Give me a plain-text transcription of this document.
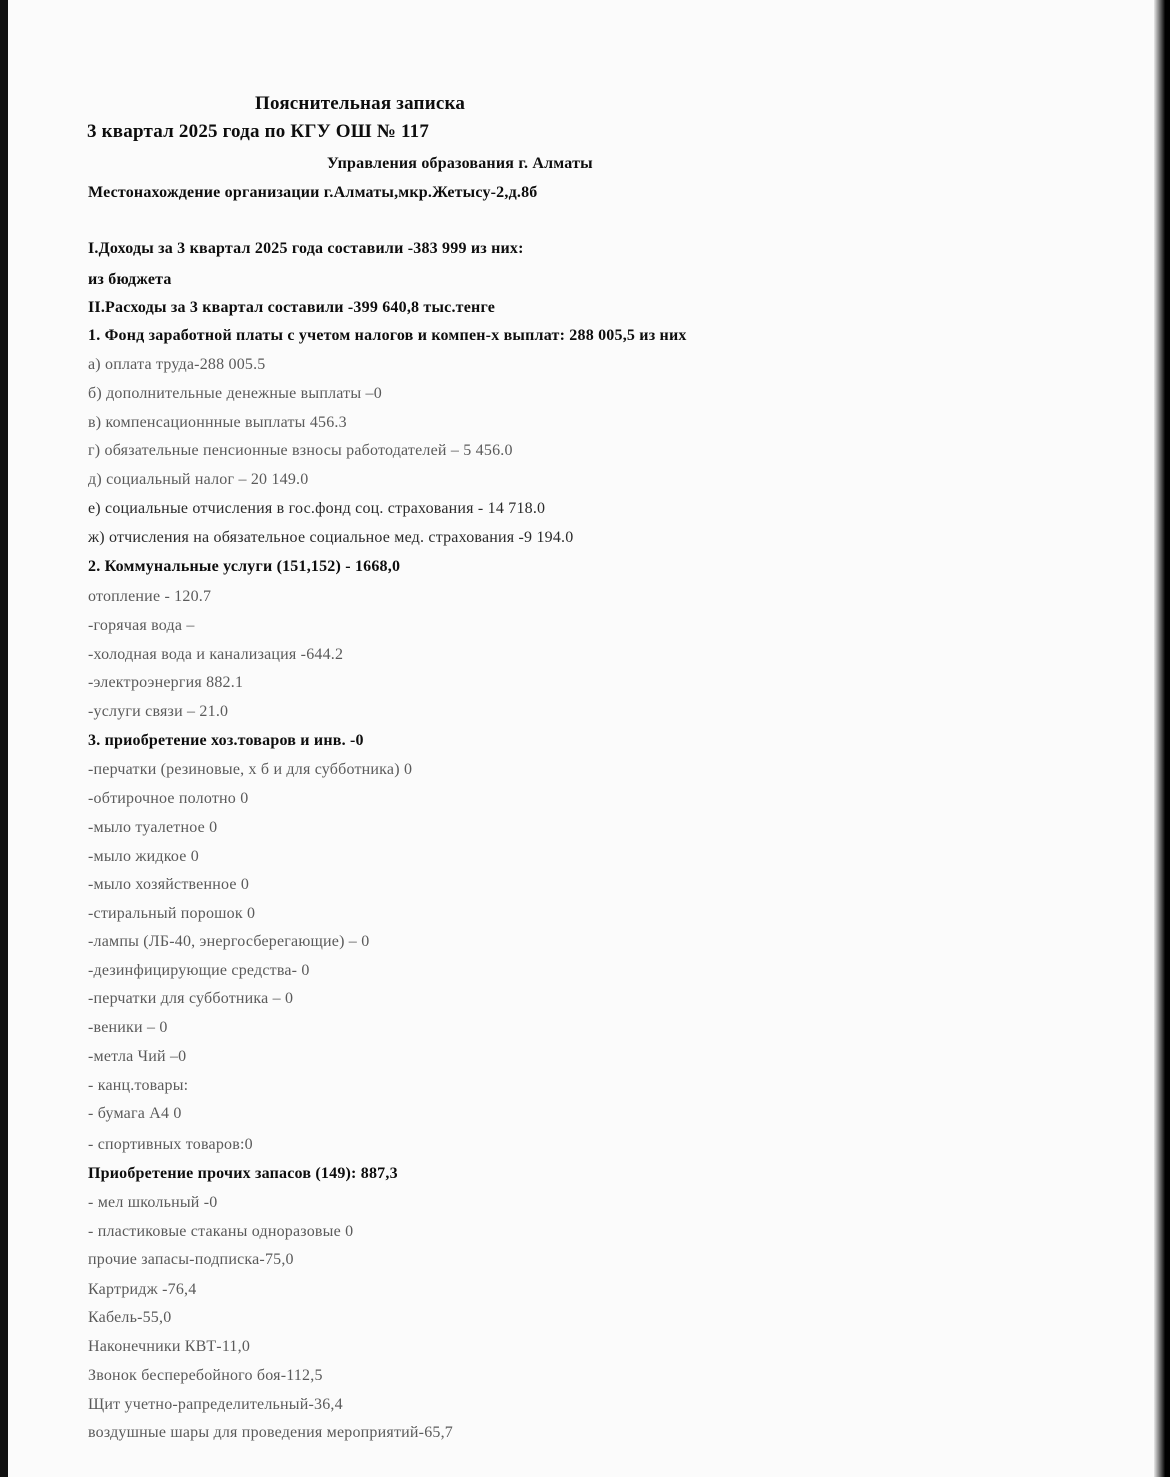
Пояснительная записка
3 квартал 2025 года по КГУ ОШ № 117
Управления образования г. Алматы
Местонахождение организации г.Алматы,мкр.Жетысу-2,д.8б
I.Доходы за 3 квартал 2025 года составили -383 999 из них:
из бюджета
II.Расходы за 3 квартал составили -399 640,8 тыс.тенге
1. Фонд заработной платы с учетом налогов и компен-х выплат: 288 005,5 из них
а) оплата труда-288 005.5
б) дополнительные денежные выплаты –0
в) компенсационнные выплаты 456.3
г) обязательные пенсионные взносы работодателей – 5 456.0
д) социальный налог – 20 149.0
е) социальные отчисления в гос.фонд соц. страхования - 14 718.0
ж) отчисления на обязательное социальное мед. страхования -9 194.0
2. Коммунальные услуги (151,152) - 1668,0
отопление - 120.7
-горячая вода –
-холодная вода и канализация -644.2
-электроэнергия 882.1
-услуги связи – 21.0
3. приобретение хоз.товаров и инв. -0
-перчатки (резиновые, х б и для субботника) 0
-обтирочное полотно 0
-мыло туалетное 0
-мыло жидкое 0
-мыло хозяйственное 0
-стиральный порошок 0
-лампы (ЛБ-40, энергосберегающие) – 0
-дезинфицирующие средства- 0
-перчатки для субботника – 0
-веники – 0
-метла Чий –0
- канц.товары:
- бумага А4 0
- спортивных товаров:0
Приобретение прочих запасов (149): 887,3
- мел школьный -0
- пластиковые стаканы одноразовые 0
прочие запасы-подписка-75,0
Картридж -76,4
Кабель-55,0
Наконечники КВТ-11,0
Звонок бесперебойного боя-112,5
Щит учетно-рапределительный-36,4
воздушные шары для проведения мероприятий-65,7
